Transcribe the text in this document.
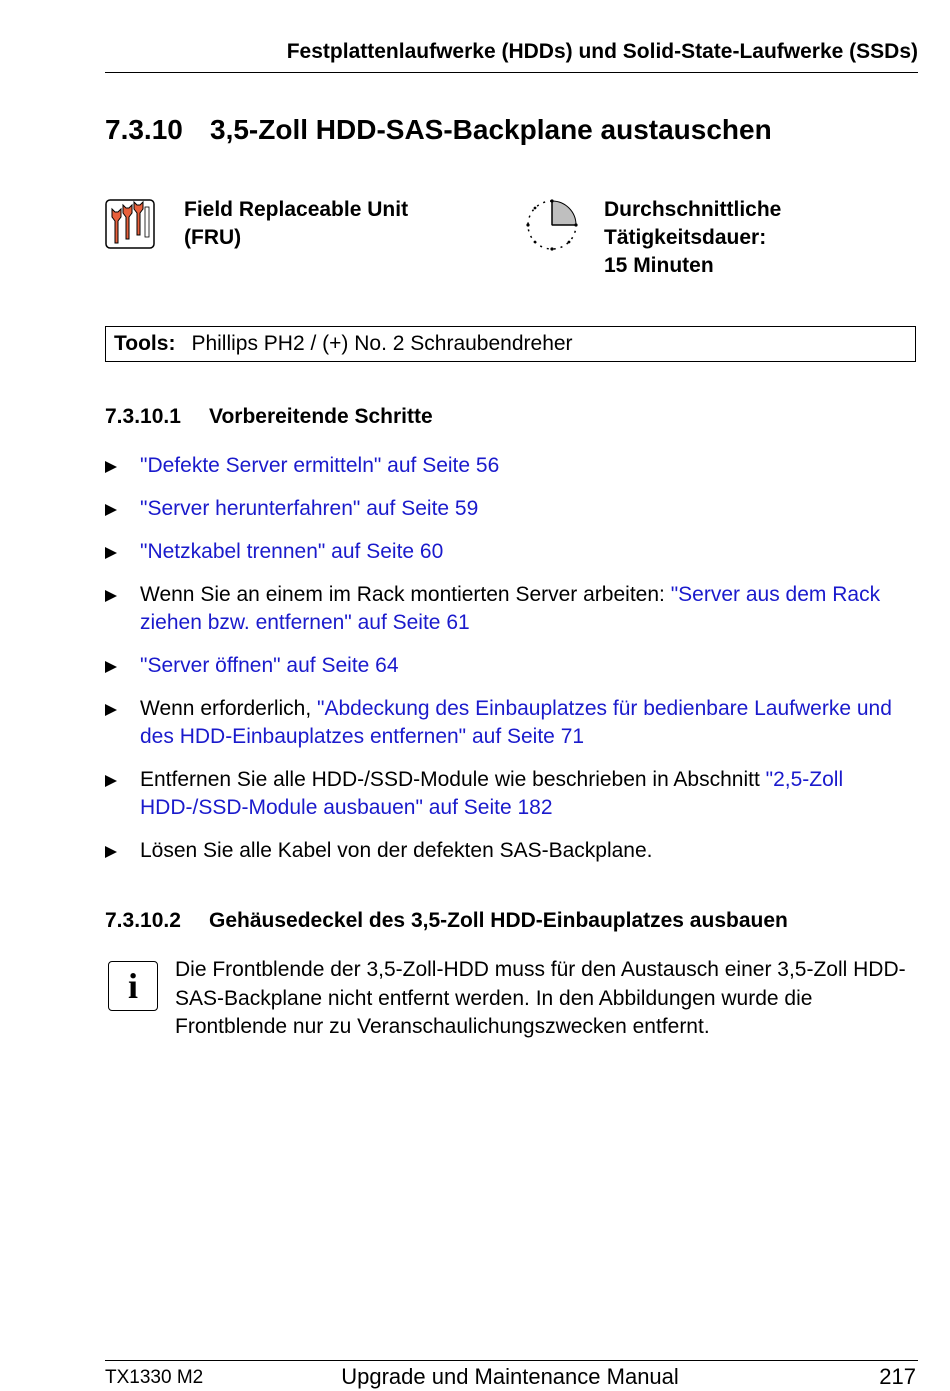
Festplattenlaufwerke (HDDs) und Solid-State-Laufwerke (SSDs)
7.3.10 3,5-Zoll HDD-SAS-Backplane austauschen
Field Replaceable Unit
(FRU)
Durchschnittliche
Tätigkeitsdauer:
15 Minuten
Tools: Phillips PH2 / (+) No. 2 Schraubendreher
7.3.10.1 Vorbereitende Schritte
"Defekte Server ermitteln" auf Seite 56
"Server herunterfahren" auf Seite 59
"Netzkabel trennen" auf Seite 60
Wenn Sie an einem im Rack montierten Server arbeiten: "Server aus dem Rack ziehen bzw. entfernen" auf Seite 61
"Server öffnen" auf Seite 64
Wenn erforderlich, "Abdeckung des Einbauplatzes für bedienbare Laufwerke und des HDD-Einbauplatzes entfernen" auf Seite 71
Entfernen Sie alle HDD-/SSD-Module wie beschrieben in Abschnitt "2,5-Zoll HDD-/SSD-Module ausbauen" auf Seite 182
Lösen Sie alle Kabel von der defekten SAS-Backplane.
7.3.10.2 Gehäusedeckel des 3,5-Zoll HDD-Einbauplatzes ausbauen
i	Die Frontblende der 3,5-Zoll-HDD muss für den Austausch einer 3,5-Zoll HDD-SAS-Backplane nicht entfernt werden. In den Abbildungen wurde die Frontblende nur zu Veranschaulichungszwecken entfernt.
TX1330 M2	Upgrade und Maintenance Manual	217
